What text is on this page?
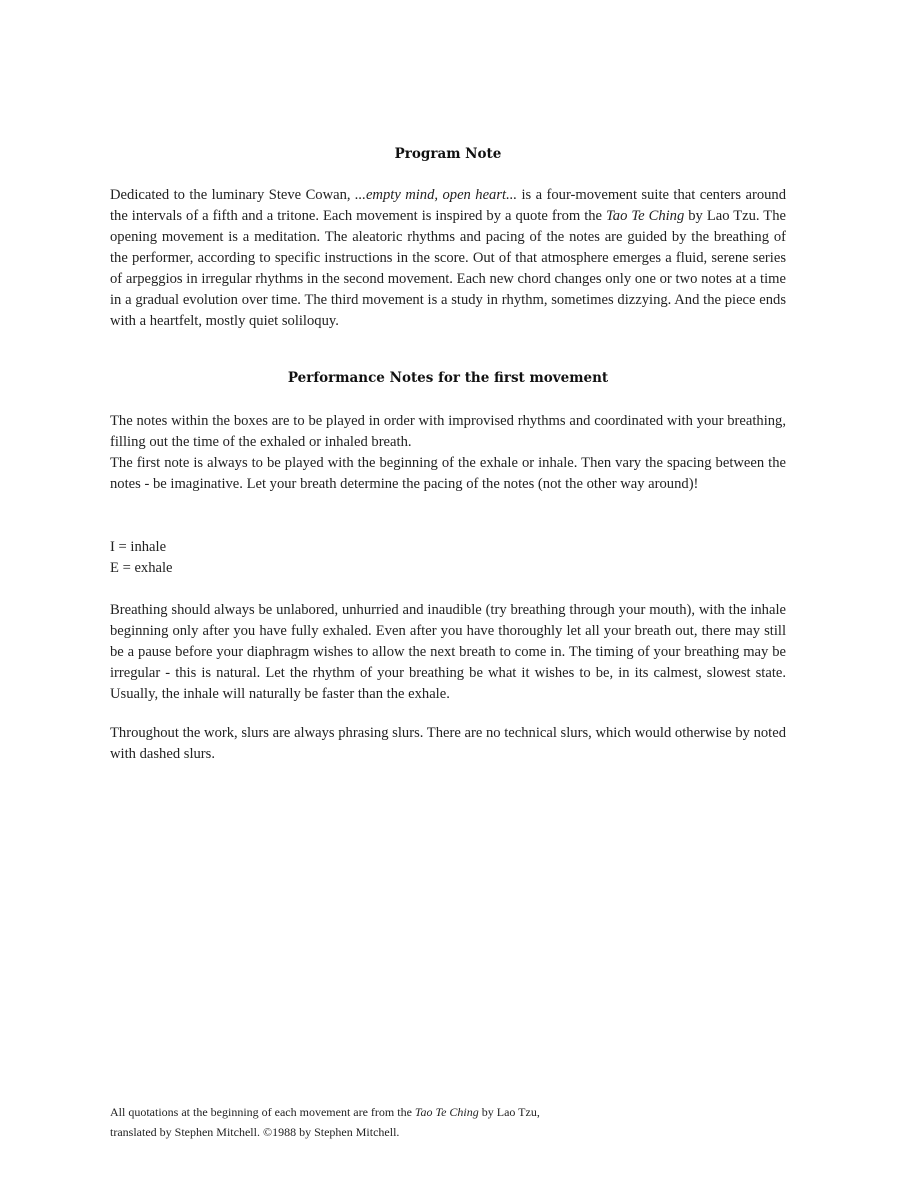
Program Note

Dedicated to the luminary Steve Cowan, ...empty mind, open heart... is a four-movement suite that centers around the intervals of a fifth and a tritone. Each movement is inspired by a quote from the Tao Te Ching by Lao Tzu. The opening movement is a meditation. The aleatoric rhythms and pacing of the notes are guided by the breathing of the performer, according to specific instructions in the score. Out of that atmosphere emerges a fluid, serene series of arpeggios in irregular rhythms in the second movement. Each new chord changes only one or two notes at a time in a gradual evolution over time. The third movement is a study in rhythm, sometimes dizzying. And the piece ends with a heartfelt, mostly quiet soliloquy.

Performance Notes for the first movement

The notes within the boxes are to be played in order with improvised rhythms and coordinated with your breathing, filling out the time of the exhaled or inhaled breath.
The first note is always to be played with the beginning of the exhale or inhale. Then vary the spacing between the notes - be imaginative. Let your breath determine the pacing of the notes (not the other way around)!

I = inhale
E = exhale

Breathing should always be unlabored, unhurried and inaudible (try breathing through your mouth), with the inhale beginning only after you have fully exhaled. Even after you have thoroughly let all your breath out, there may still be a pause before your diaphragm wishes to allow the next breath to come in. The timing of your breathing may be irregular - this is natural. Let the rhythm of your breathing be what it wishes to be, in its calmest, slowest state. Usually, the inhale will naturally be faster than the exhale.

Throughout the work, slurs are always phrasing slurs. There are no technical slurs, which would otherwise by noted with dashed slurs.

All quotations at the beginning of each movement are from the Tao Te Ching by Lao Tzu,
translated by Stephen Mitchell. ©1988 by Stephen Mitchell.
